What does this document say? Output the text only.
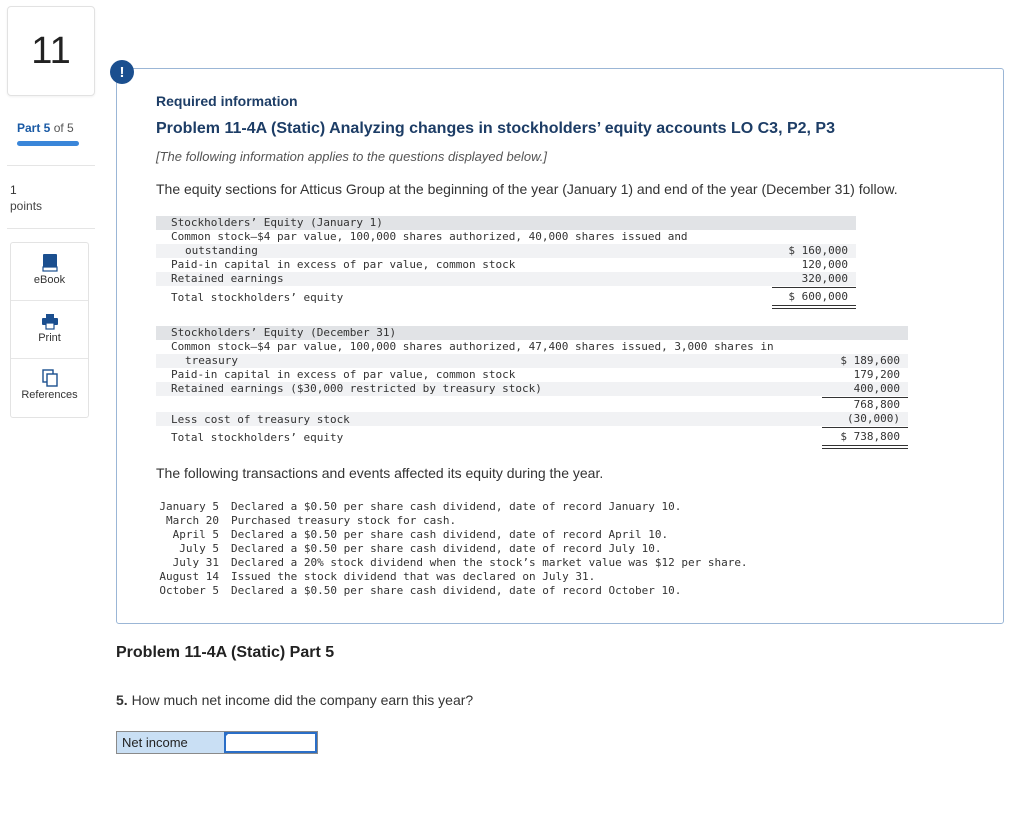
11
Part 5 of 5
1
points
eBook
Print
References
!
Required information
Problem 11-4A (Static) Analyzing changes in stockholders’ equity accounts LO C3, P2, P3
[The following information applies to the questions displayed below.]
The equity sections for Atticus Group at the beginning of the year (January 1) and end of the year (December 31) follow.
Stockholders’ Equity (January 1)
Common stock—$4 par value, 100,000 shares authorized, 40,000 shares issued and
outstanding	$ 160,000
Paid-in capital in excess of par value, common stock	120,000
Retained earnings	320,000
Total stockholders’ equity	$ 600,000
Stockholders’ Equity (December 31)
Common stock—$4 par value, 100,000 shares authorized, 47,400 shares issued, 3,000 shares in
treasury	$ 189,600
Paid-in capital in excess of par value, common stock	179,200
Retained earnings ($30,000 restricted by treasury stock)	400,000
768,800
Less cost of treasury stock	(30,000)
Total stockholders’ equity	$ 738,800
The following transactions and events affected its equity during the year.
January 5 Declared a $0.50 per share cash dividend, date of record January 10.
March 20 Purchased treasury stock for cash.
April 5 Declared a $0.50 per share cash dividend, date of record April 10.
July 5 Declared a $0.50 per share cash dividend, date of record July 10.
July 31 Declared a 20% stock dividend when the stock’s market value was $12 per share.
August 14 Issued the stock dividend that was declared on July 31.
October 5 Declared a $0.50 per share cash dividend, date of record October 10.
Problem 11-4A (Static) Part 5
5. How much net income did the company earn this year?
Net income
